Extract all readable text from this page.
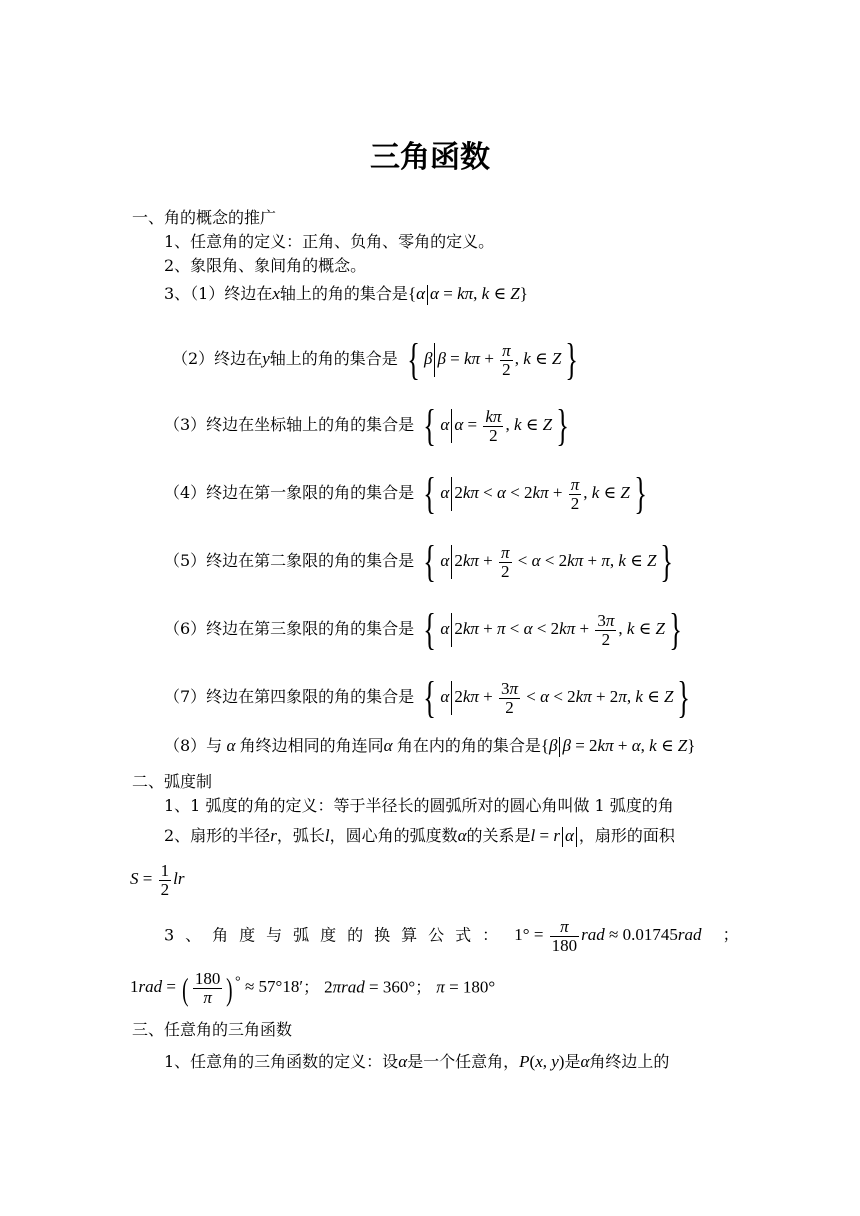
三角函数
一、角的概念的推广
1、任意角的定义：正角、负角、零角的定义。
2、象限角、象间角的概念。
3、（1）终边在x轴上的角的集合是{α α = kπ, k ∈ Z}
（2）终边在y轴上的角的集合是 { β $\beta = k\pi + \frac{\pi}{2}$ , k ∈ Z}
（3）终边在坐标轴上的角的集合是 { α $\alpha = \frac{k\pi}{2}$ , k ∈ Z}
（4）终边在第一象限的角的集合是 { α $2k\pi < \alpha < 2k\pi + \frac{\pi}{2}$ , k ∈ Z}
（5）终边在第二象限的角的集合是 { α $2k\pi + \frac{\pi}{2} < \alpha < 2k\pi + \pi$, k ∈ Z}
（6）终边在第三象限的角的集合是 { α $2k\pi + \pi < \alpha < 2k\pi + \frac{3\pi}{2}$ , k ∈ Z}
（7）终边在第四象限的角的集合是 { α $2k\pi + \frac{3\pi}{2} < \alpha < 2k\pi + 2\pi$, k ∈ Z}
（8）与 α 角终边相同的角连同α 角在内的角的集合是{β β = 2kπ + α, k ∈ Z}
二、弧度制
1、1 弧度的角的定义：等于半径长的圆弧所对的圆心角叫做 1 弧度的角
2、扇形的半径r，弧长l，圆心角的弧度数α的关系是l = r α ，扇形的面积
$S = \frac{1}{2}$ lr
3、角度与弧度的换算公式： $1^\circ = \frac{\pi}{180}$ rad ≈ 0.01745rad ；
1rad = ( $\frac{180}{\pi}$ ) ° ≈ 57°18′； 2πrad = 360°； π = 180°
三、任意角的三角函数
1、任意角的三角函数的定义：设α是一个任意角，P(x, y)是α角终边上的
